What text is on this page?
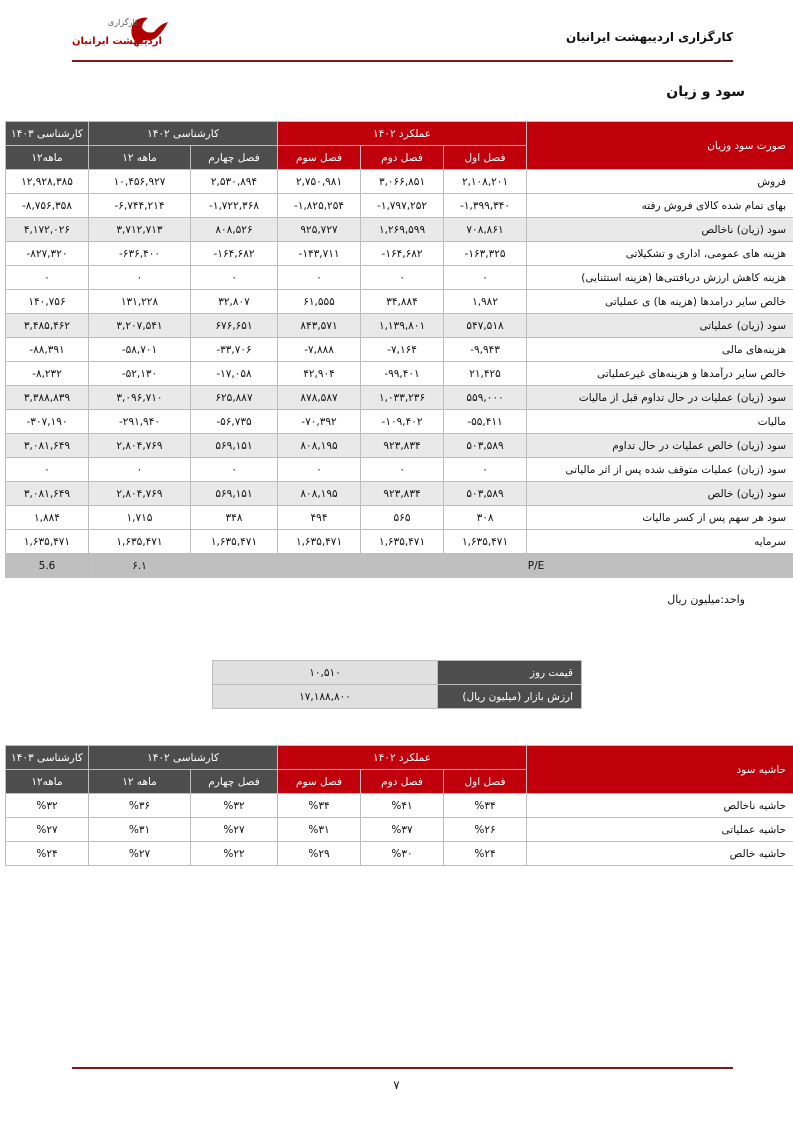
کارگزاری اردیبهشت ایرانیان
کارگزاری
اردیبهشت ایرانیان
سود و زیان
کارشناسی ۱۴۰۳	کارشناسی ۱۴۰۲		عملکرد ۱۴۰۲			صورت سود وزیان
۱۲ماهه	۱۲ ماهه	فصل چهارم	فصل سوم	فصل دوم	فصل اول	
۱۲,۹۲۸,۳۸۵	۱۰,۴۵۶,۹۲۷	۲,۵۳۰,۸۹۴	۲,۷۵۰,۹۸۱	۳,۰۶۶,۸۵۱	۲,۱۰۸,۲۰۱	فروش
-۸,۷۵۶,۳۵۸	-۶,۷۴۴,۲۱۴	-۱,۷۲۲,۳۶۸	-۱,۸۲۵,۲۵۴	-۱,۷۹۷,۲۵۲	-۱,۳۹۹,۳۴۰	بهای تمام شده کالای فروش رفته
۴,۱۷۲,۰۲۶	۳,۷۱۲,۷۱۳	۸۰۸,۵۲۶	۹۲۵,۷۲۷	۱,۲۶۹,۵۹۹	۷۰۸,۸۶۱	سود (زیان) ناخالص
-۸۲۷,۳۲۰	-۶۳۶,۴۰۰	-۱۶۴,۶۸۲	-۱۴۳,۷۱۱	-۱۶۴,۶۸۲	-۱۶۳,۳۲۵	هزینه های عمومی، اداری و تشکیلاتی
۰	۰	۰	۰	۰	۰	هزینه کاهش ارزش دریافتنی‌ها (هزینه استثنایی)
۱۴۰,۷۵۶	۱۳۱,۲۲۸	۳۲,۸۰۷	۶۱,۵۵۵	۳۴,۸۸۴	۱,۹۸۲	خالص سایر درامدها (هزینه ها) ی عملیاتی
۳,۴۸۵,۴۶۲	۳,۲۰۷,۵۴۱	۶۷۶,۶۵۱	۸۴۳,۵۷۱	۱,۱۳۹,۸۰۱	۵۴۷,۵۱۸	سود (زیان) عملیاتی
-۸۸,۳۹۱	-۵۸,۷۰۱	-۳۳,۷۰۶	-۷,۸۸۸	-۷,۱۶۴	-۹,۹۴۳	هزینه‌های مالی
-۸,۲۳۲	-۵۲,۱۳۰	-۱۷,۰۵۸	۴۲,۹۰۴	-۹۹,۴۰۱	۲۱,۴۲۵	خالص سایر درآمدها و هزینه‌های غیرعملیاتی
۳,۳۸۸,۸۳۹	۳,۰۹۶,۷۱۰	۶۲۵,۸۸۷	۸۷۸,۵۸۷	۱,۰۳۳,۲۳۶	۵۵۹,۰۰۰	سود (زیان) عملیات در حال تداوم قبل از مالیات
-۳۰۷,۱۹۰	-۲۹۱,۹۴۰	-۵۶,۷۳۵	-۷۰,۳۹۲	-۱۰۹,۴۰۲	-۵۵,۴۱۱	مالیات
۳,۰۸۱,۶۴۹	۲,۸۰۴,۷۶۹	۵۶۹,۱۵۱	۸۰۸,۱۹۵	۹۲۳,۸۳۴	۵۰۳,۵۸۹	سود (زیان) خالص عملیات در حال تداوم
۰	۰	۰	۰	۰	۰	سود (زیان) عملیات متوقف شده پس از اثر مالیاتی
۳,۰۸۱,۶۴۹	۲,۸۰۴,۷۶۹	۵۶۹,۱۵۱	۸۰۸,۱۹۵	۹۲۳,۸۳۴	۵۰۳,۵۸۹	سود (زیان) خالص
۱,۸۸۴	۱,۷۱۵	۳۴۸	۴۹۴	۵۶۵	۳۰۸	سود هر سهم پس از کسر مالیات
۱,۶۳۵,۴۷۱	۱,۶۳۵,۴۷۱	۱,۶۳۵,۴۷۱	۱,۶۳۵,۴۷۱	۱,۶۳۵,۴۷۱	۱,۶۳۵,۴۷۱	سرمایه
5.6	۶.۱		P/E			
واحد:میلیون ریال
۱۰,۵۱۰	قیمت روز
۱۷,۱۸۸,۸۰۰	ارزش بازار (میلیون ریال)
کارشناسی ۱۴۰۳	کارشناسی ۱۴۰۲		عملکرد ۱۴۰۲			حاشیه سود
۱۲ماهه	۱۲ ماهه	فصل چهارم	فصل سوم	فصل دوم	فصل اول	
%۳۲	%۳۶	%۳۲	%۳۴	%۴۱	%۳۴	حاشیه ناخالص
%۲۷	%۳۱	%۲۷	%۳۱	%۳۷	%۲۶	حاشیه عملیاتی
%۲۴	%۲۷	%۲۲	%۲۹	%۳۰	%۲۴	حاشیه خالص
۷
